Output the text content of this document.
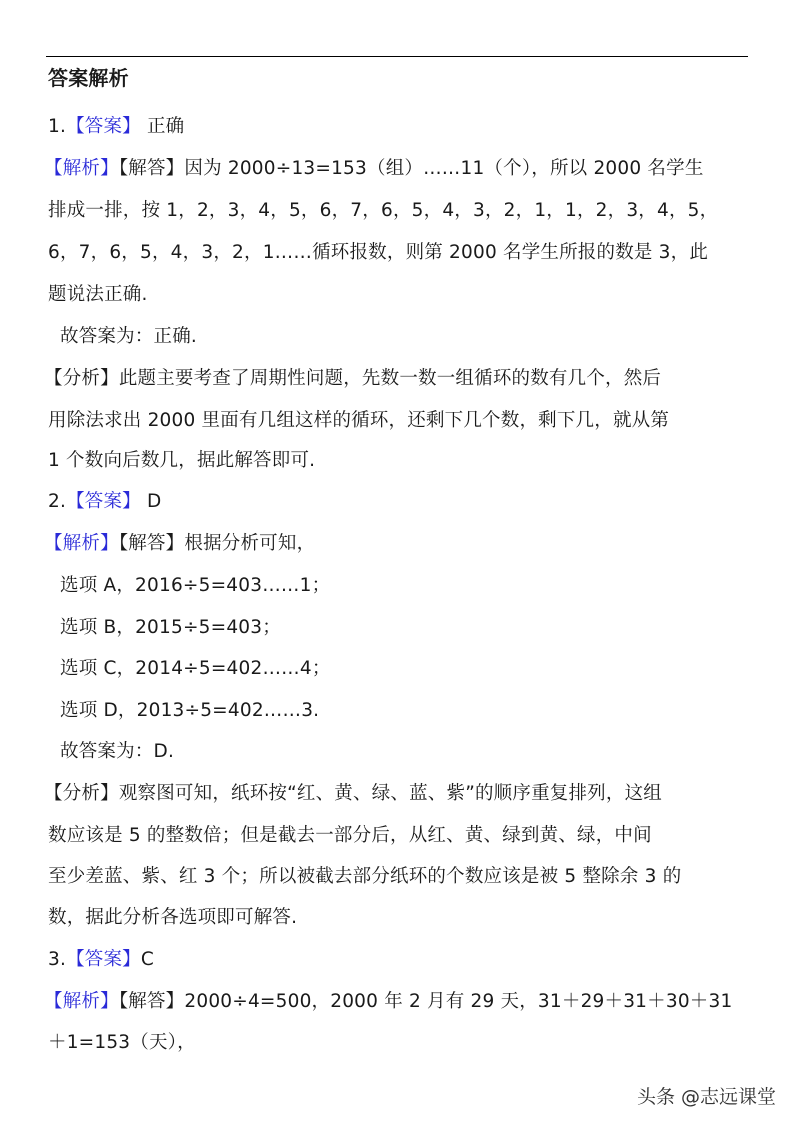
答案解析
1.【答案】 正确
【解析】【解答】因为 2000÷13=153（组）……11（个），所以 2000 名学生
排成一排，按 1，2，3，4，5，6，7，6，5，4，3，2，1，1，2，3，4，5，
6，7，6，5，4，3，2，1……循环报数，则第 2000 名学生所报的数是 3，此
题说法正确.
故答案为：正确.
【分析】此题主要考查了周期性问题，先数一数一组循环的数有几个，然后
用除法求出 2000 里面有几组这样的循环，还剩下几个数，剩下几，就从第
1 个数向后数几，据此解答即可.
2.【答案】 D
【解析】【解答】根据分析可知，
选项 A，2016÷5=403……1；
选项 B，2015÷5=403；
选项 C，2014÷5=402……4；
选项 D，2013÷5=402……3.
故答案为：D.
【分析】观察图可知，纸环按“红、黄、绿、蓝、紫”的顺序重复排列，这组
数应该是 5 的整数倍；但是截去一部分后，从红、黄、绿到黄、绿，中间
至少差蓝、紫、红 3 个；所以被截去部分纸环的个数应该是被 5 整除余 3 的
数，据此分析各选项即可解答.
3.【答案】C
【解析】【解答】2000÷4=500，2000 年 2 月有 29 天，31＋29＋31＋30＋31
＋1=153（天），
头条 @志远课堂
